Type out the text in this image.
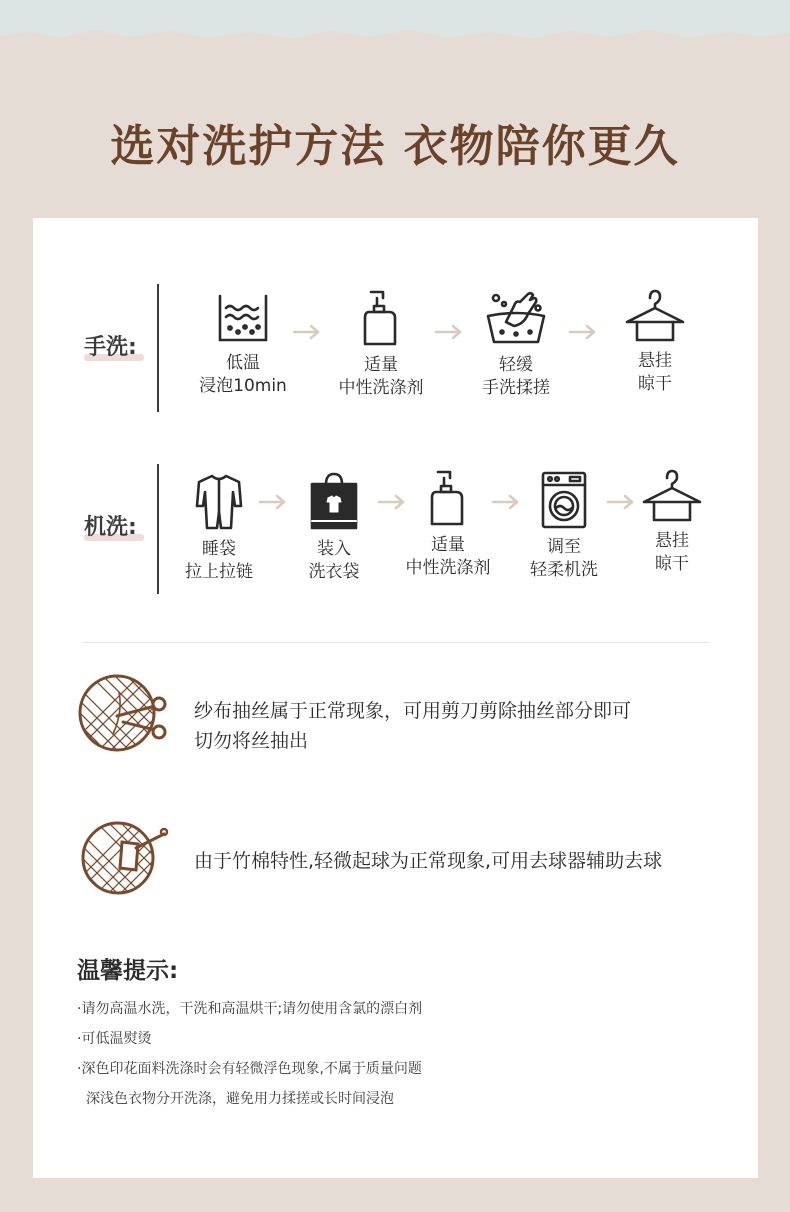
选对洗护方法 衣物陪你更久
手洗:
低温
浸泡10min
适量
中性洗涤剂
轻缓
手洗揉搓
悬挂
晾干
机洗:
睡袋
拉上拉链
装入
洗衣袋
适量
中性洗涤剂
调至
轻柔机洗
悬挂
晾干
纱布抽丝属于正常现象，可用剪刀剪除抽丝部分即可
切勿将丝抽出
由于竹棉特性,轻微起球为正常现象,可用去球器辅助去球
温馨提示:
·请勿高温水洗，干洗和高温烘干;请勿使用含氯的漂白剂
·可低温熨烫
·深色印花面料洗涤时会有轻微浮色现象,不属于质量问题
深浅色衣物分开洗涤，避免用力揉搓或长时间浸泡
